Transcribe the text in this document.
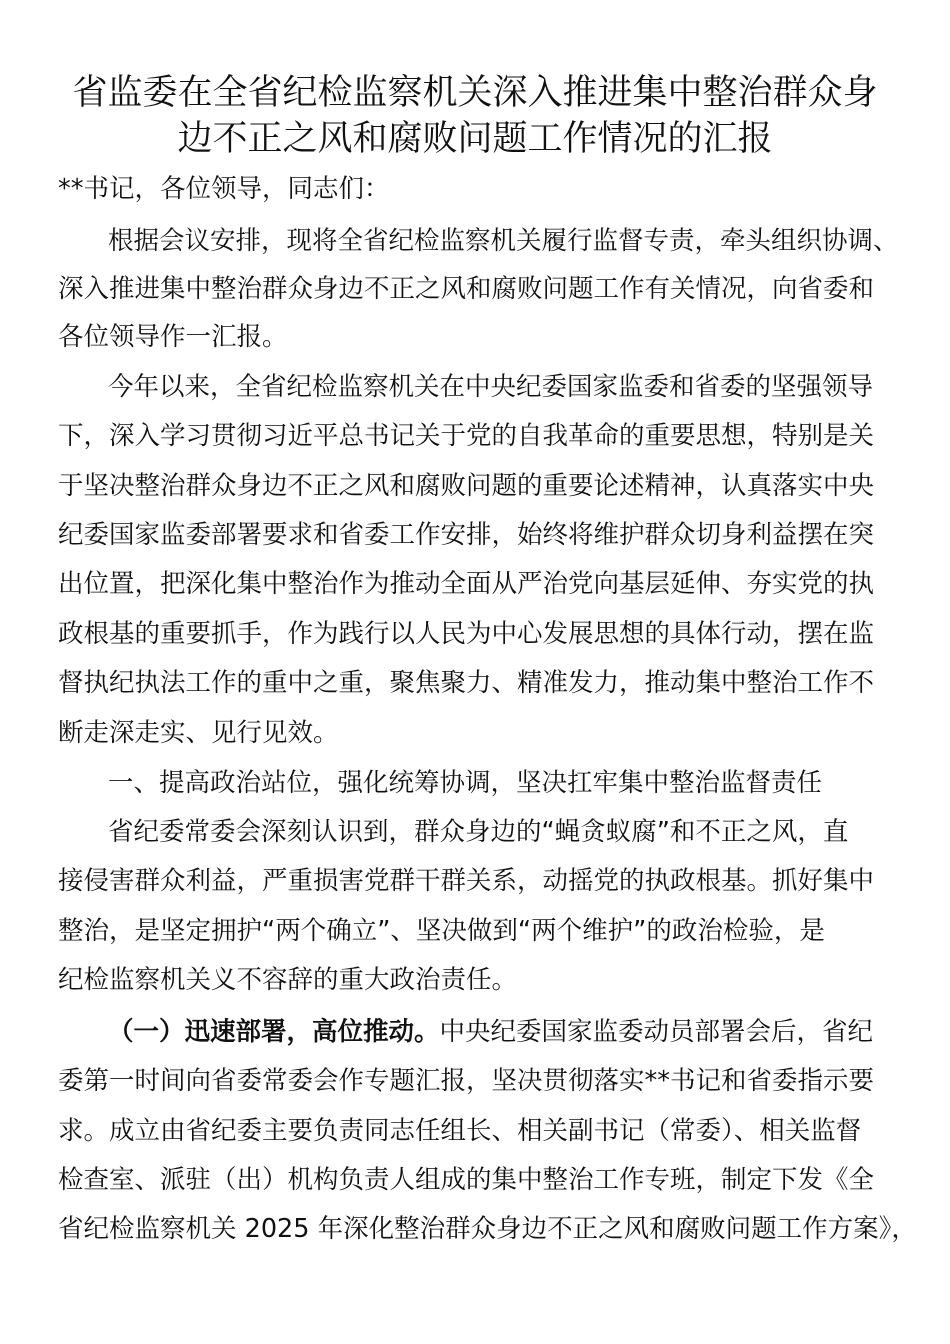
省监委在全省纪检监察机关深入推进集中整治群众身
边不正之风和腐败问题工作情况的汇报
**书记，各位领导，同志们：
根据会议安排，现将全省纪检监察机关履行监督专责，牵头组织协调、
深入推进集中整治群众身边不正之风和腐败问题工作有关情况，向省委和
各位领导作一汇报。
今年以来，全省纪检监察机关在中央纪委国家监委和省委的坚强领导
下，深入学习贯彻习近平总书记关于党的自我革命的重要思想，特别是关
于坚决整治群众身边不正之风和腐败问题的重要论述精神，认真落实中央
纪委国家监委部署要求和省委工作安排，始终将维护群众切身利益摆在突
出位置，把深化集中整治作为推动全面从严治党向基层延伸、夯实党的执
政根基的重要抓手，作为践行以人民为中心发展思想的具体行动，摆在监
督执纪执法工作的重中之重，聚焦聚力、精准发力，推动集中整治工作不
断走深走实、见行见效。
一、提高政治站位，强化统筹协调，坚决扛牢集中整治监督责任
省纪委常委会深刻认识到，群众身边的“蝇贪蚁腐”和不正之风，直
接侵害群众利益，严重损害党群干群关系，动摇党的执政根基。抓好集中
整治，是坚定拥护“两个确立”、坚决做到“两个维护”的政治检验，是
纪检监察机关义不容辞的重大政治责任。
（一）迅速部署，高位推动。中央纪委国家监委动员部署会后，省纪
委第一时间向省委常委会作专题汇报，坚决贯彻落实**书记和省委指示要
求。成立由省纪委主要负责同志任组长、相关副书记（常委）、相关监督
检查室、派驻（出）机构负责人组成的集中整治工作专班，制定下发《全
省纪检监察机关 2025 年深化整治群众身边不正之风和腐败问题工作方案》，
